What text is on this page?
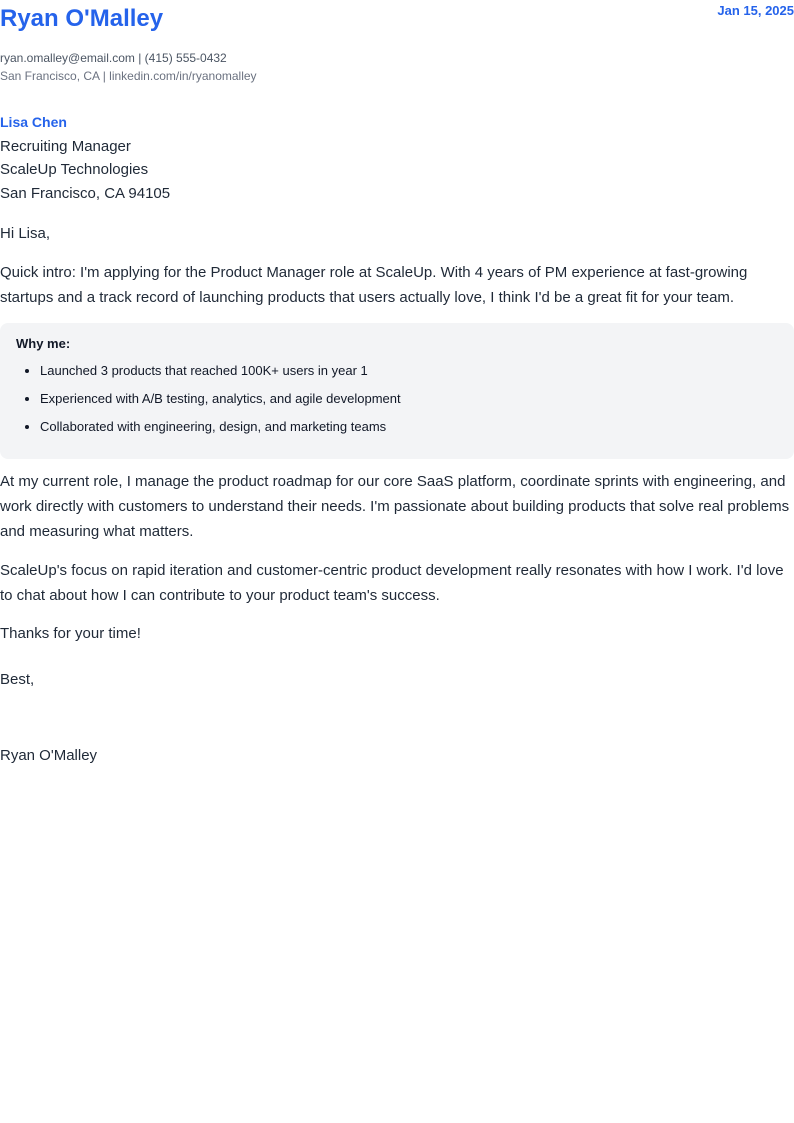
Ryan O'Malley	Jan 15, 2025
ryan.omalley@email.com | (415) 555-0432
San Francisco, CA | linkedin.com/in/ryanomalley
Lisa Chen
Recruiting Manager
ScaleUp Technologies
San Francisco, CA 94105

Hi Lisa,

Quick intro: I'm applying for the Product Manager role at ScaleUp. With 4 years of PM experience at fast-growing startups and a track record of launching products that users actually love, I think I'd be a great fit for your team.

Why me:

• Launched 3 products that reached 100K+ users in year 1
• Experienced with A/B testing, analytics, and agile development
• Collaborated with engineering, design, and marketing teams

At my current role, I manage the product roadmap for our core SaaS platform, coordinate sprints with engineering, and work directly with customers to understand their needs. I'm passionate about building products that solve real problems and measuring what matters.

ScaleUp's focus on rapid iteration and customer-centric product development really resonates with how I work. I'd love to chat about how I can contribute to your product team's success.

Thanks for your time!

Best,

Ryan O'Malley
